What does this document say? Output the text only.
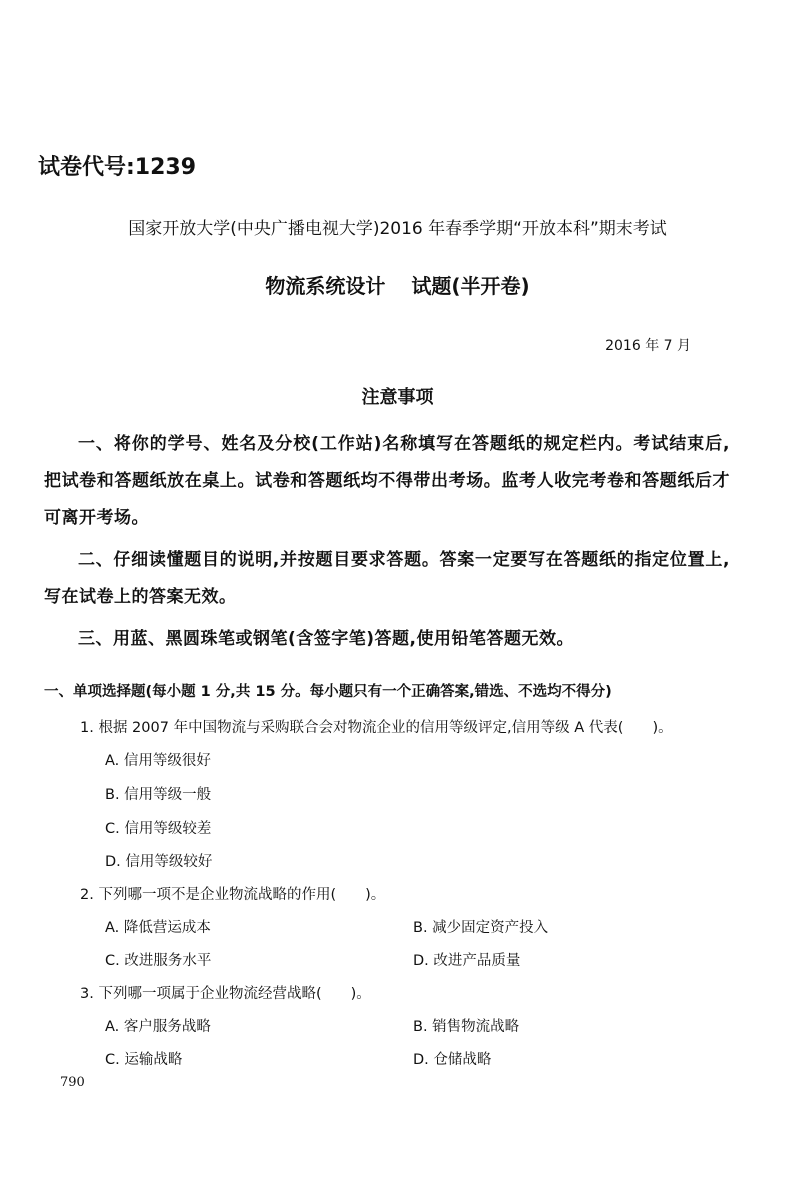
试卷代号:1239
国家开放大学(中央广播电视大学)2016 年春季学期“开放本科”期末考试
物流系统设计 试题(半开卷)
2016 年 7 月
注意事项

一、将你的学号、姓名及分校(工作站)名称填写在答题纸的规定栏内。考试结束后,把试卷和答题纸放在桌上。试卷和答题纸均不得带出考场。监考人收完考卷和答题纸后才可离开考场。

二、仔细读懂题目的说明,并按题目要求答题。答案一定要写在答题纸的指定位置上,写在试卷上的答案无效。

三、用蓝、黑圆珠笔或钢笔(含签字笔)答题,使用铅笔答题无效。

一、单项选择题(每小题 1 分,共 15 分。每小题只有一个正确答案,错选、不选均不得分)
1. 根据 2007 年中国物流与采购联合会对物流企业的信用等级评定,信用等级 A 代表(　　)。
A. 信用等级很好
B. 信用等级一般
C. 信用等级较差
D. 信用等级较好
2. 下列哪一项不是企业物流战略的作用(　　)。
A. 降低营运成本	B. 减少固定资产投入
C. 改进服务水平	D. 改进产品质量
3. 下列哪一项属于企业物流经营战略(　　)。
A. 客户服务战略	B. 销售物流战略
C. 运输战略	D. 仓储战略
790
